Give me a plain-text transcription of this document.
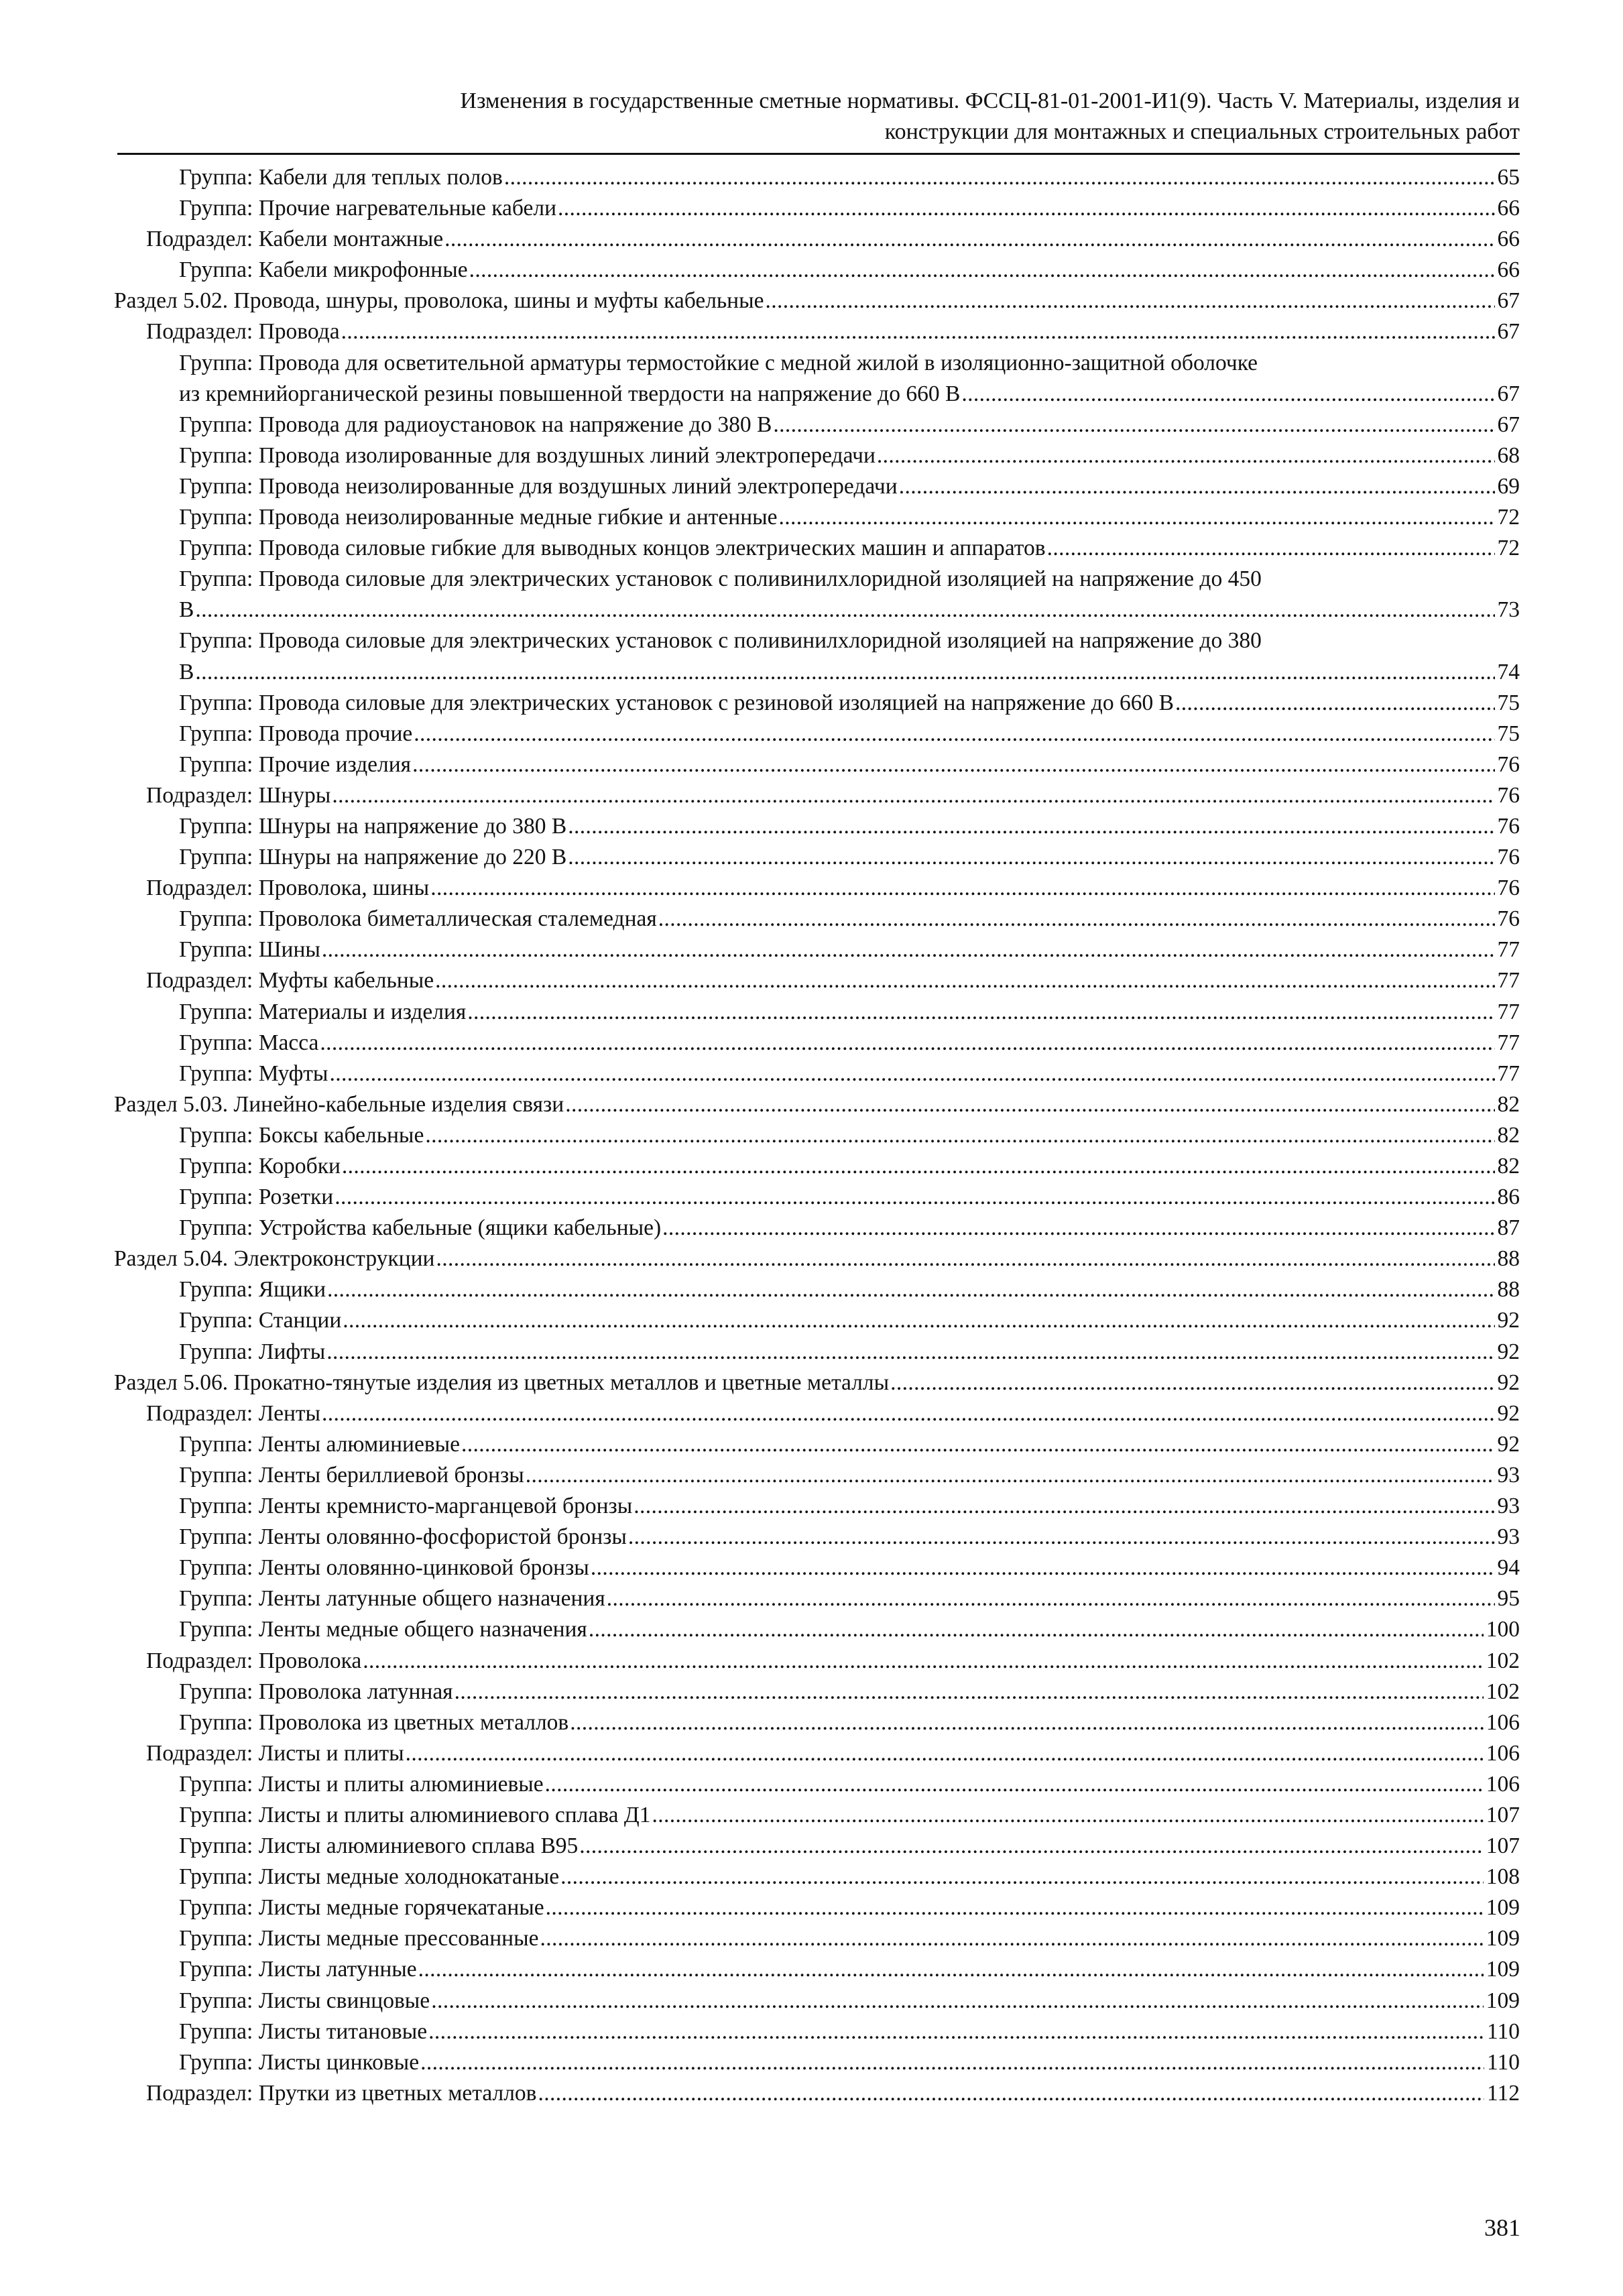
Изменения в государственные сметные нормативы. ФССЦ-81-01-2001-И1(9). Часть V. Материалы, изделия и
конструкции для монтажных и специальных строительных работ
Группа: Кабели для теплых полов . . .	65
Группа: Прочие нагревательные кабели . . .	66
Подраздел: Кабели монтажные . . .	66
Группа: Кабели микрофонные . . .	66
Раздел 5.02. Провода, шнуры, проволока, шины и муфты кабельные . . .	67
Подраздел: Провода . . .	67
Группа: Провода для осветительной арматуры термостойкие с медной жилой в изоляционно-защитной оболочке
из кремнийорганической резины повышенной твердости на напряжение до 660 В . . .	67
Группа: Провода для радиоустановок на напряжение до 380 В . . .	67
Группа: Провода изолированные для воздушных линий электропередачи . . .	68
Группа: Провода неизолированные для воздушных линий электропередачи . . .	69
Группа: Провода неизолированные медные гибкие и антенные . . .	72
Группа: Провода силовые гибкие для выводных концов электрических машин и аппаратов . . .	72
Группа: Провода силовые для электрических установок с поливинилхлоридной изоляцией на напряжение до 450
В . . .	73
Группа: Провода силовые для электрических установок с поливинилхлоридной изоляцией на напряжение до 380
В . . .	74
Группа: Провода силовые для электрических установок с резиновой изоляцией на напряжение до 660 В . . .	75
Группа: Провода прочие . . .	75
Группа: Прочие изделия . . .	76
Подраздел: Шнуры . . .	76
Группа: Шнуры на напряжение до 380 В . . .	76
Группа: Шнуры на напряжение до 220 В . . .	76
Подраздел: Проволока, шины . . .	76
Группа: Проволока биметаллическая сталемедная . . .	76
Группа: Шины . . .	77
Подраздел: Муфты кабельные . . .	77
Группа: Материалы и изделия . . .	77
Группа: Масса . . .	77
Группа: Муфты . . .	77
Раздел 5.03. Линейно-кабельные изделия связи . . .	82
Группа: Боксы кабельные . . .	82
Группа: Коробки . . .	82
Группа: Розетки . . .	86
Группа: Устройства кабельные (ящики кабельные) . . .	87
Раздел 5.04. Электроконструкции . . .	88
Группа: Ящики . . .	88
Группа: Станции . . .	92
Группа: Лифты . . .	92
Раздел 5.06. Прокатно-тянутые изделия из цветных металлов и цветные металлы . . .	92
Подраздел: Ленты . . .	92
Группа: Ленты алюминиевые . . .	92
Группа: Ленты бериллиевой бронзы . . .	93
Группа: Ленты кремнисто-марганцевой бронзы . . .	93
Группа: Ленты оловянно-фосфористой бронзы . . .	93
Группа: Ленты оловянно-цинковой бронзы . . .	94
Группа: Ленты латунные общего назначения . . .	95
Группа: Ленты медные общего назначения . . .	100
Подраздел: Проволока . . .	102
Группа: Проволока латунная . . .	102
Группа: Проволока из цветных металлов . . .	106
Подраздел: Листы и плиты . . .	106
Группа: Листы и плиты алюминиевые . . .	106
Группа: Листы и плиты алюминиевого сплава Д1 . . .	107
Группа: Листы алюминиевого сплава В95 . . .	107
Группа: Листы медные холоднокатаные . . .	108
Группа: Листы медные горячекатаные . . .	109
Группа: Листы медные прессованные . . .	109
Группа: Листы латунные . . .	109
Группа: Листы свинцовые . . .	109
Группа: Листы титановые . . .	110
Группа: Листы цинковые . . .	110
Подраздел: Прутки из цветных металлов . . .	112
381
